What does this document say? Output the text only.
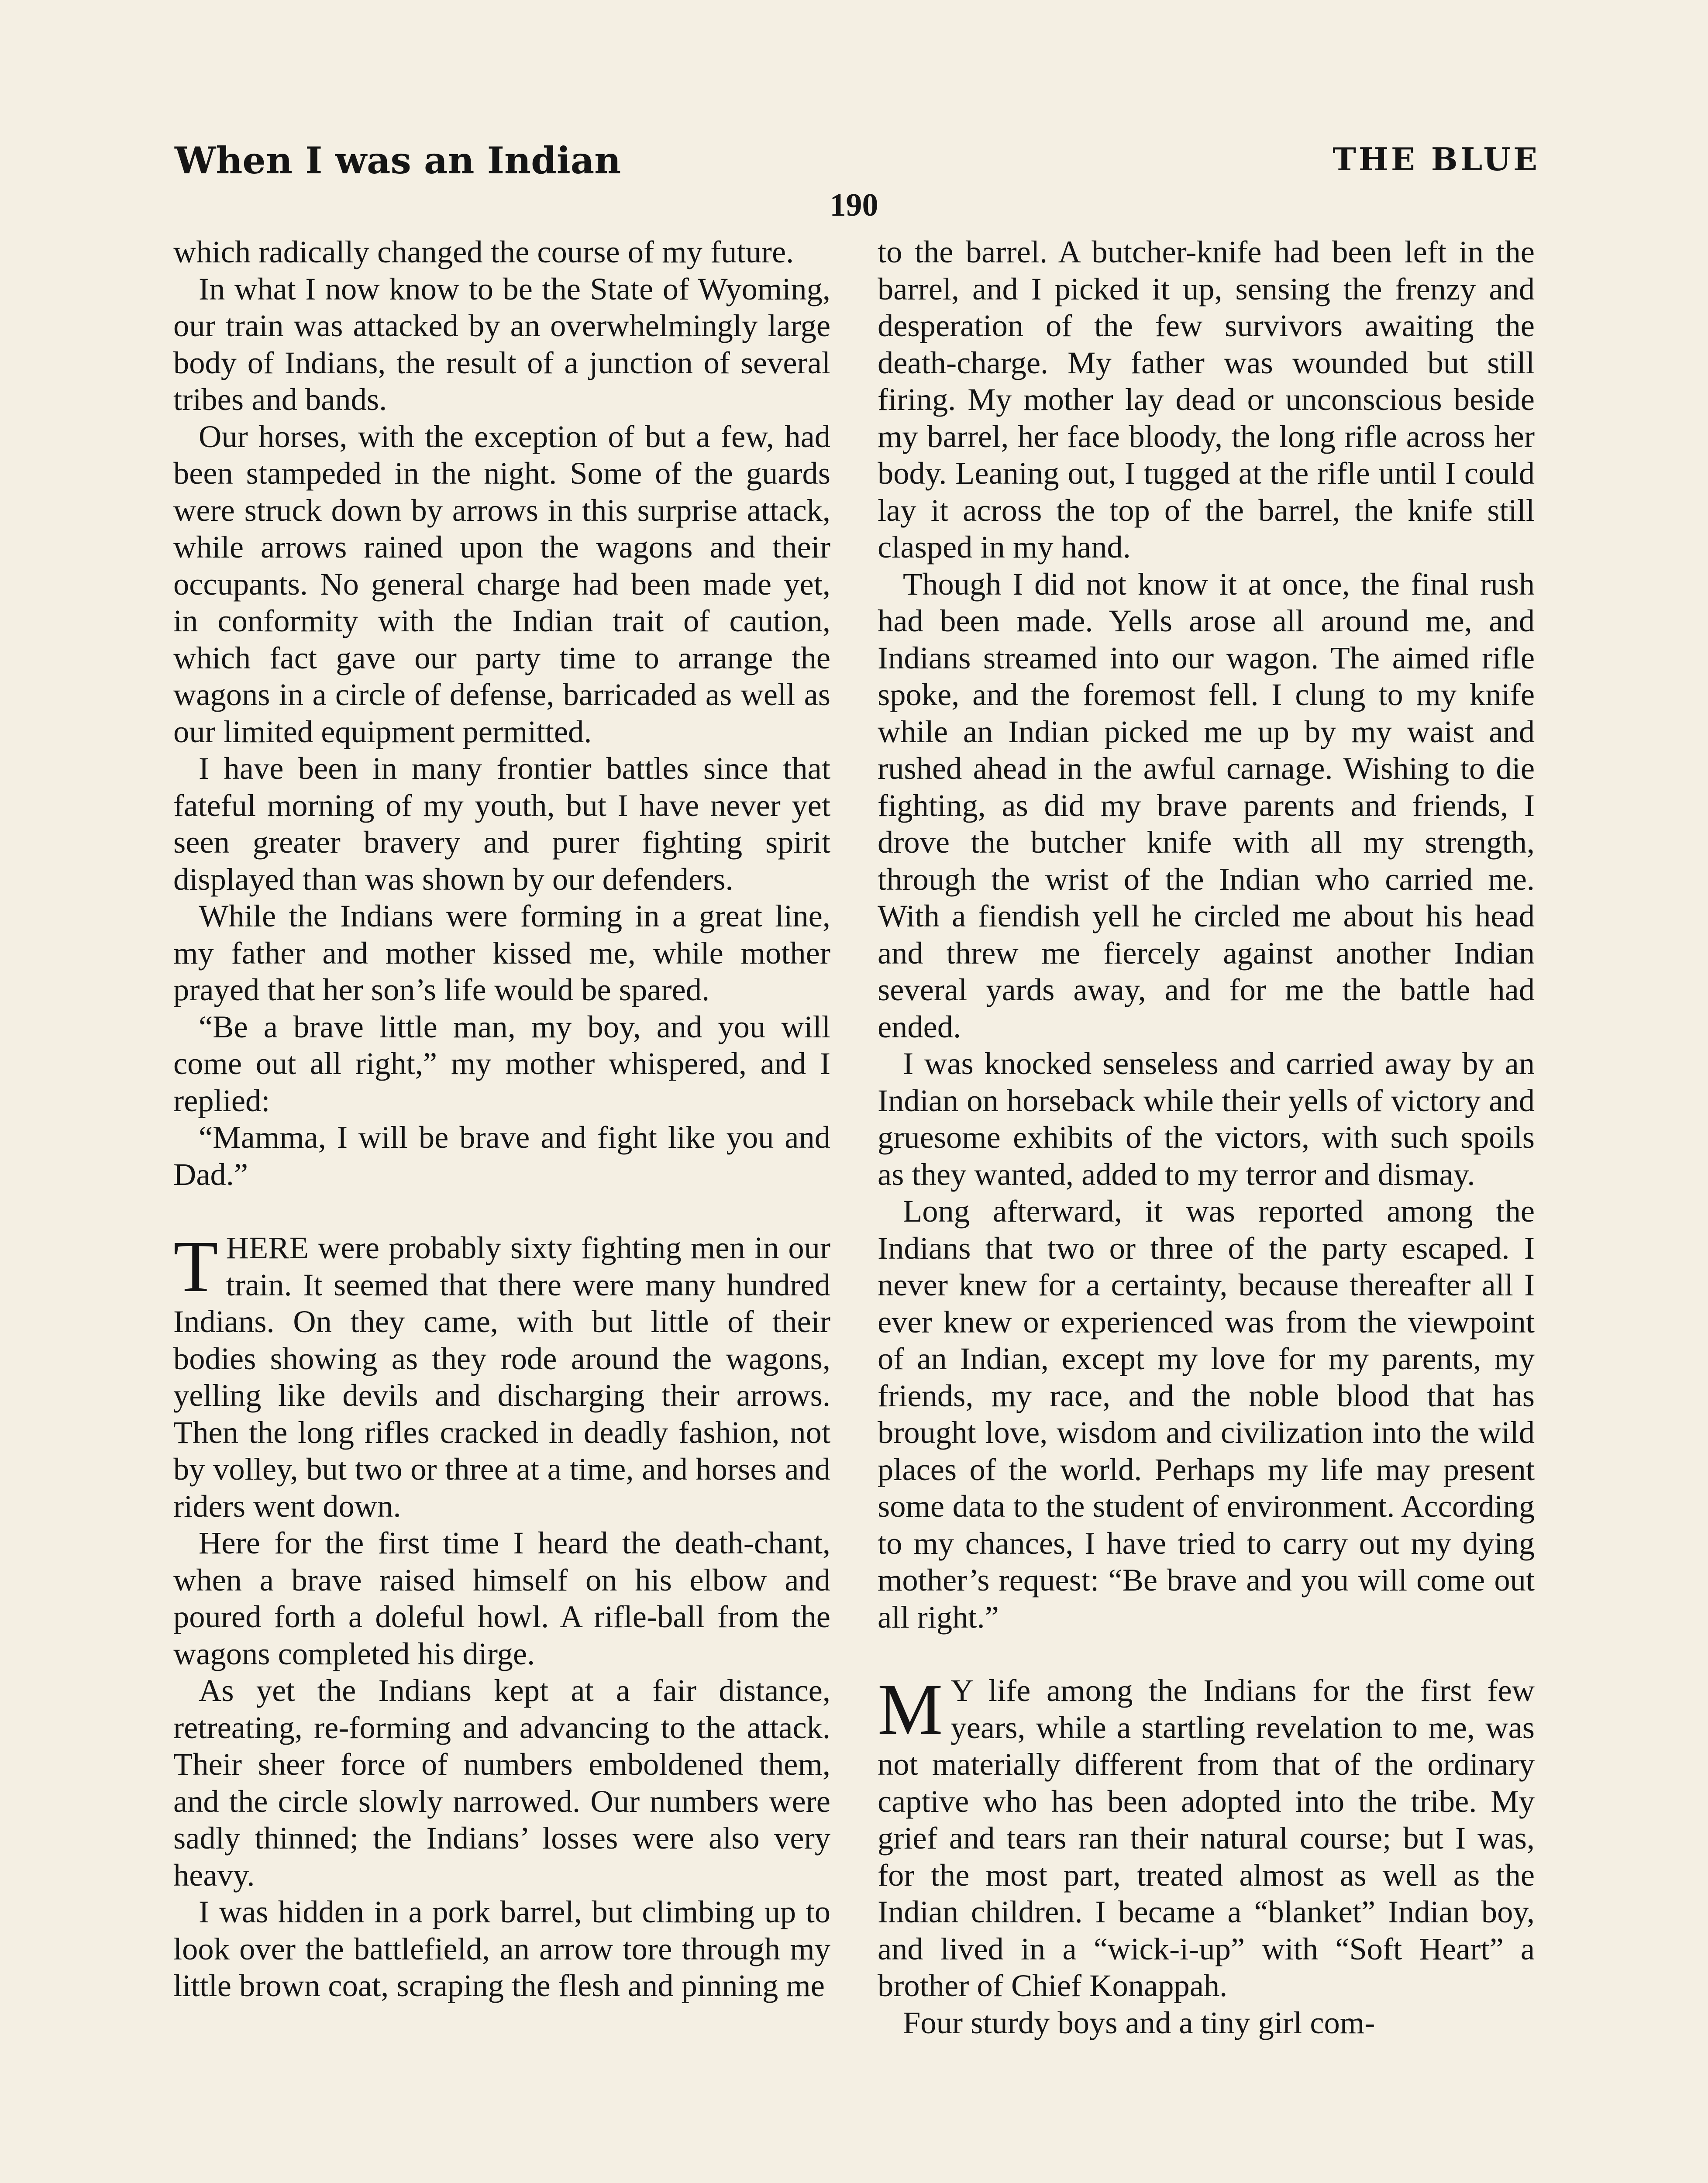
When I was an Indian	THE BLUE
190

which radically changed the course of my future.

In what I now know to be the State of Wyoming, our train was attacked by an overwhelmingly large body of Indians, the result of a junction of several tribes and bands.

Our horses, with the exception of but a few, had been stampeded in the night. Some of the guards were struck down by arrows in this surprise attack, while arrows rained upon the wagons and their occupants. No general charge had been made yet, in conformity with the Indian trait of caution, which fact gave our party time to arrange the wagons in a circle of defense, barricaded as well as our limited equipment permitted.

I have been in many frontier battles since that fateful morning of my youth, but I have never yet seen greater bravery and purer fighting spirit displayed than was shown by our defenders.

While the Indians were forming in a great line, my father and mother kissed me, while mother prayed that her son’s life would be spared.

“Be a brave little man, my boy, and you will come out all right,” my mother whispered, and I replied:

“Mamma, I will be brave and fight like you and Dad.”

THERE were probably sixty fighting men in our train. It seemed that there were many hundred Indians. On they came, with but little of their bodies showing as they rode around the wagons, yelling like devils and discharging their arrows. Then the long rifles cracked in deadly fashion, not by volley, but two or three at a time, and horses and riders went down.

Here for the first time I heard the death-chant, when a brave raised himself on his elbow and poured forth a doleful howl. A rifle-ball from the wagons completed his dirge.

As yet the Indians kept at a fair distance, retreating, re-forming and advancing to the attack. Their sheer force of numbers emboldened them, and the circle slowly narrowed. Our numbers were sadly thinned; the Indians’ losses were also very heavy.

I was hidden in a pork barrel, but climbing up to look over the battlefield, an arrow tore through my little brown coat, scraping the flesh and pinning me

to the barrel. A butcher-knife had been left in the barrel, and I picked it up, sensing the frenzy and desperation of the few survivors awaiting the death-charge. My father was wounded but still firing. My mother lay dead or unconscious beside my barrel, her face bloody, the long rifle across her body. Leaning out, I tugged at the rifle until I could lay it across the top of the barrel, the knife still clasped in my hand.

Though I did not know it at once, the final rush had been made. Yells arose all around me, and Indians streamed into our wagon. The aimed rifle spoke, and the foremost fell. I clung to my knife while an Indian picked me up by my waist and rushed ahead in the awful carnage. Wishing to die fighting, as did my brave parents and friends, I drove the butcher knife with all my strength, through the wrist of the Indian who carried me. With a fiendish yell he circled me about his head and threw me fiercely against another Indian several yards away, and for me the battle had ended.

I was knocked senseless and carried away by an Indian on horseback while their yells of victory and gruesome exhibits of the victors, with such spoils as they wanted, added to my terror and dismay.

Long afterward, it was reported among the Indians that two or three of the party escaped. I never knew for a certainty, because thereafter all I ever knew or experienced was from the viewpoint of an Indian, except my love for my parents, my friends, my race, and the noble blood that has brought love, wisdom and civilization into the wild places of the world. Perhaps my life may present some data to the student of environment. According to my chances, I have tried to carry out my dying mother’s request: “Be brave and you will come out all right.”

M Y life among the Indians for the first few years, while a startling revelation to me, was not materially different from that of the ordinary captive who has been adopted into the tribe. My grief and tears ran their natural course; but I was, for the most part, treated almost as well as the Indian children. I became a “blanket” Indian boy, and lived in a “wick-i-up” with “Soft Heart” a brother of Chief Konappah.

Four sturdy boys and a tiny girl com-
